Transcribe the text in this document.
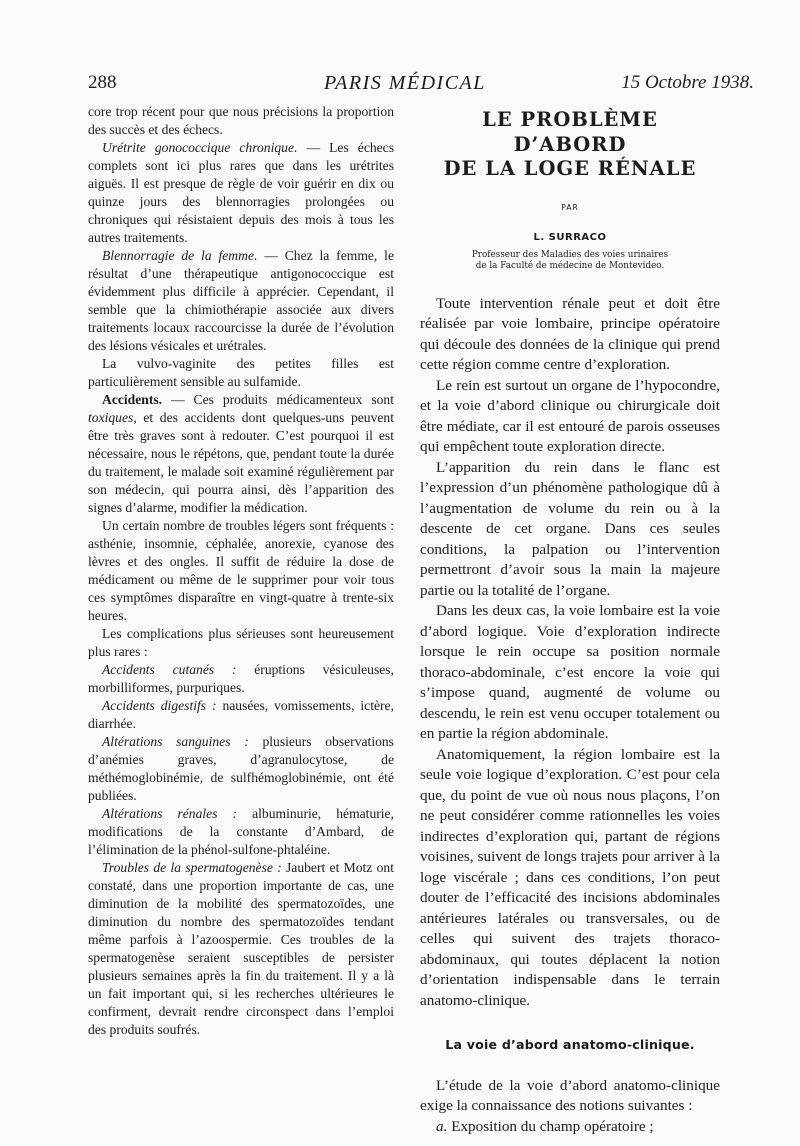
288	PARIS MÉDICAL	15 Octobre 1938.

core trop récent pour que nous précisions la proportion des succès et des échecs.

Urétrite gonococcique chronique. — Les échecs complets sont ici plus rares que dans les urétrites aiguës. Il est presque de règle de voir guérir en dix ou quinze jours des blennorragies prolongées ou chroniques qui résistaient depuis des mois à tous les autres traitements.

Blennorragie de la femme. — Chez la femme, le résultat d’une thérapeutique antigonococcique est évidemment plus difficile à apprécier. Cependant, il semble que la chimiothérapie associée aux divers traitements locaux raccourcisse la durée de l’évolution des lésions vésicales et urétrales.

La vulvo-vaginite des petites filles est particulièrement sensible au sulfamide.

Accidents. — Ces produits médicamenteux sont toxiques, et des accidents dont quelques-uns peuvent être très graves sont à redouter. C’est pourquoi il est nécessaire, nous le répétons, que, pendant toute la durée du traitement, le malade soit examiné régulièrement par son médecin, qui pourra ainsi, dès l’apparition des signes d’alarme, modifier la médication.

Un certain nombre de troubles légers sont fréquents : asthénie, insomnie, céphalée, anorexie, cyanose des lèvres et des ongles. Il suffit de réduire la dose de médicament ou même de le supprimer pour voir tous ces symptômes disparaître en vingt-quatre à trente-six heures.

Les complications plus sérieuses sont heureusement plus rares :

Accidents cutanés : éruptions vésiculeuses, morbilliformes, purpuriques.

Accidents digestifs : nausées, vomissements, ictère, diarrhée.

Altérations sanguines : plusieurs observations d’anémies graves, d’agranulocytose, de méthémoglobinémie, de sulfhémoglobinémie, ont été publiées.

Altérations rénales : albuminurie, hématurie, modifications de la constante d’Ambard, de l’élimination de la phénol-sulfone-phtaléine.

Troubles de la spermatogenèse : Jaubert et Motz ont constaté, dans une proportion importante de cas, une diminution de la mobilité des spermatozoïdes, une diminution du nombre des spermatozoïdes tendant même parfois à l’azoospermie. Ces troubles de la spermatogenèse seraient susceptibles de persister plusieurs semaines après la fin du traitement. Il y a là un fait important qui, si les recherches ultérieures le confirment, devrait rendre circonspect dans l’emploi des produits soufrés.

LE PROBLÈME
D’ABORD
DE LA LOGE RÉNALE
PAR
L. SURRACO
Professeur des Maladies des voies urinaires
de la Faculté de médecine de Montevideo.

Toute intervention rénale peut et doit être réalisée par voie lombaire, principe opératoire qui découle des données de la clinique qui prend cette région comme centre d’exploration.

Le rein est surtout un organe de l’hypocondre, et la voie d’abord clinique ou chirurgicale doit être médiate, car il est entouré de parois osseuses qui empêchent toute exploration directe.

L’apparition du rein dans le flanc est l’expression d’un phénomène pathologique dû à l’augmentation de volume du rein ou à la descente de cet organe. Dans ces seules conditions, la palpation ou l’intervention permettront d’avoir sous la main la majeure partie ou la totalité de l’organe.

Dans les deux cas, la voie lombaire est la voie d’abord logique. Voie d’exploration indirecte lorsque le rein occupe sa position normale thoraco-abdominale, c’est encore la voie qui s’impose quand, augmenté de volume ou descendu, le rein est venu occuper totalement ou en partie la région abdominale.

Anatomiquement, la région lombaire est la seule voie logique d’exploration. C’est pour cela que, du point de vue où nous nous plaçons, l’on ne peut considérer comme rationnelles les voies indirectes d’exploration qui, partant de régions voisines, suivent de longs trajets pour arriver à la loge viscérale ; dans ces conditions, l’on peut douter de l’efficacité des incisions abdominales antérieures latérales ou transversales, ou de celles qui suivent des trajets thoraco-abdominaux, qui toutes déplacent la notion d’orientation indispensable dans le terrain anatomo-clinique.

La voie d’abord anatomo-clinique.

L’étude de la voie d’abord anatomo-clinique exige la connaissance des notions suivantes :

a. Exposition du champ opératoire ;
